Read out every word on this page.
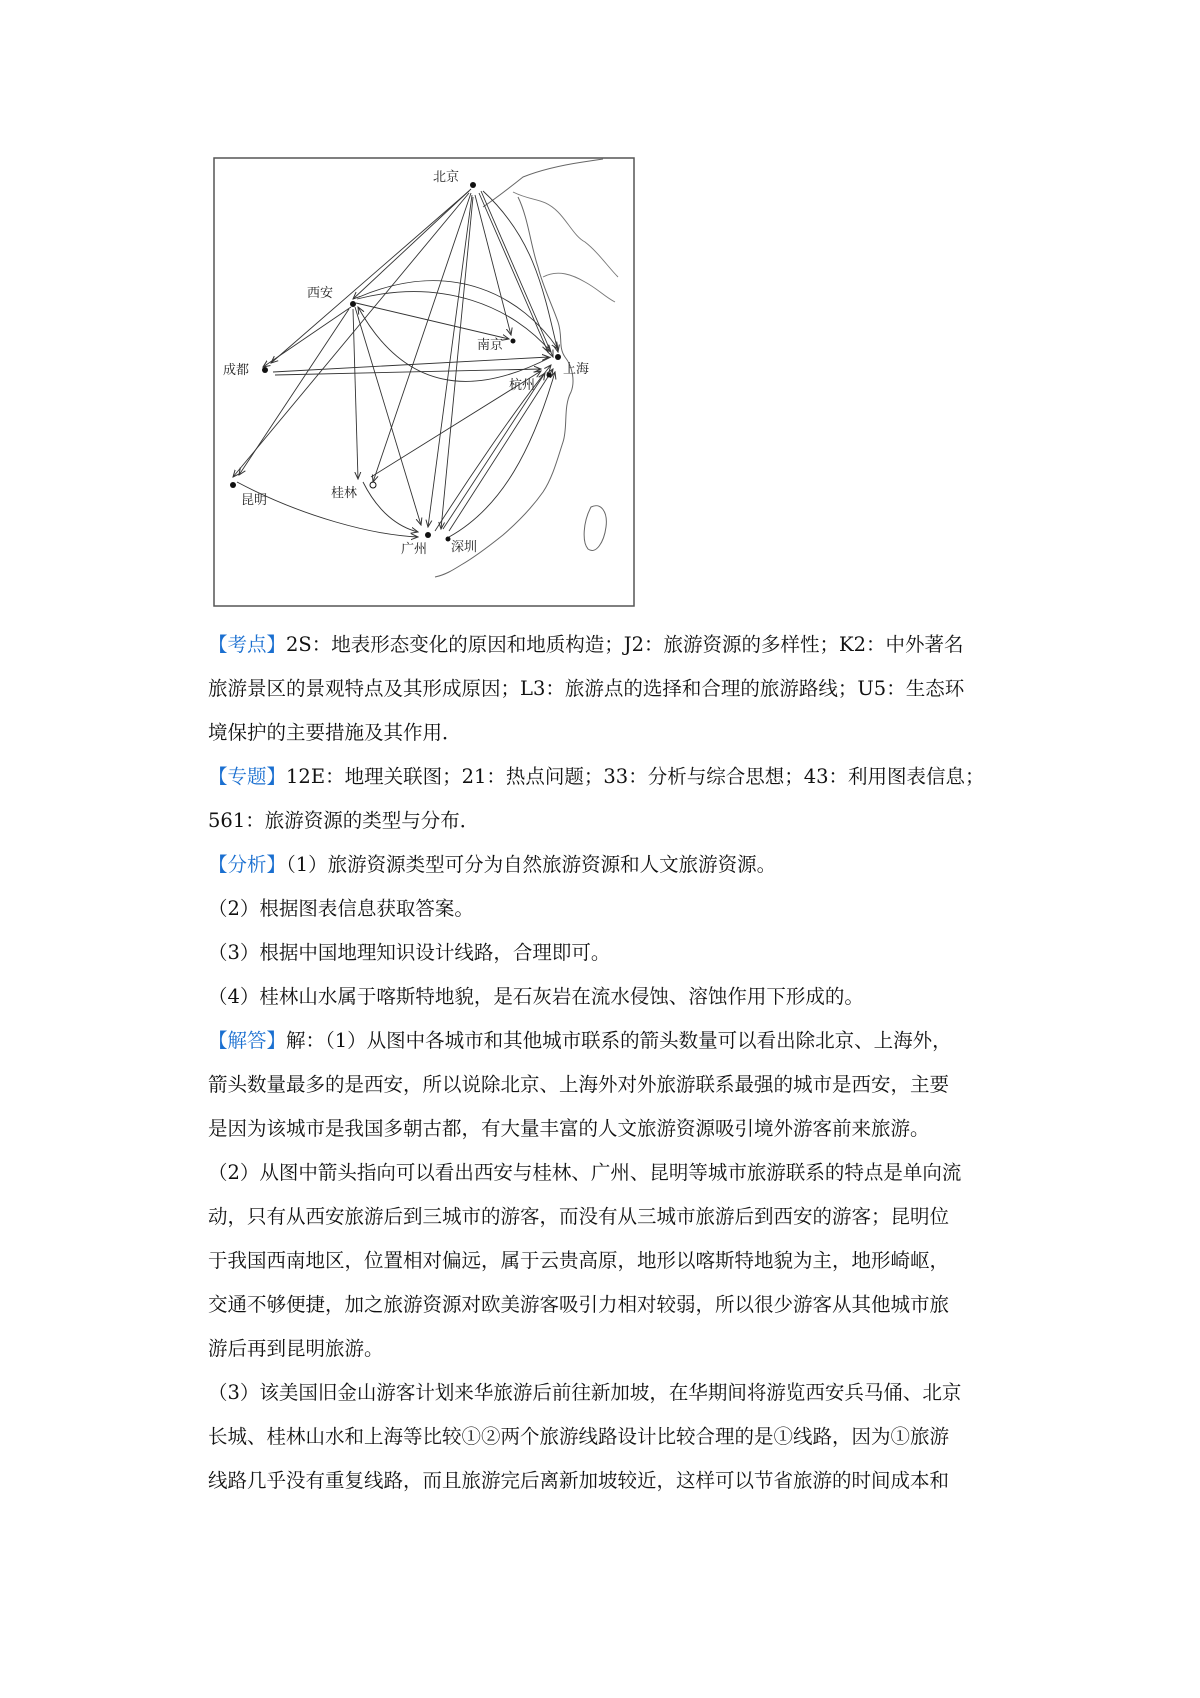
北京
西安
南京
成都	上海
杭州
昆明	桂林
广州 深圳
【考点】2S：地表形态变化的原因和地质构造；J2：旅游资源的多样性；K2：中外著名
旅游景区的景观特点及其形成原因；L3：旅游点的选择和合理的旅游路线；U5：生态环
境保护的主要措施及其作用．
【专题】12E：地理关联图；21：热点问题；33：分析与综合思想；43：利用图表信息；
561：旅游资源的类型与分布．
【分析】（1）旅游资源类型可分为自然旅游资源和人文旅游资源。
（2）根据图表信息获取答案。
（3）根据中国地理知识设计线路，合理即可。
（4）桂林山水属于喀斯特地貌，是石灰岩在流水侵蚀、溶蚀作用下形成的。
【解答】解：（1）从图中各城市和其他城市联系的箭头数量可以看出除北京、上海外，
箭头数量最多的是西安，所以说除北京、上海外对外旅游联系最强的城市是西安，主要
是因为该城市是我国多朝古都，有大量丰富的人文旅游资源吸引境外游客前来旅游。
（2）从图中箭头指向可以看出西安与桂林、广州、昆明等城市旅游联系的特点是单向流
动，只有从西安旅游后到三城市的游客，而没有从三城市旅游后到西安的游客；昆明位
于我国西南地区，位置相对偏远，属于云贵高原，地形以喀斯特地貌为主，地形崎岖，
交通不够便捷，加之旅游资源对欧美游客吸引力相对较弱，所以很少游客从其他城市旅
游后再到昆明旅游。
（3）该美国旧金山游客计划来华旅游后前往新加坡，在华期间将游览西安兵马俑、北京
长城、桂林山水和上海等比较①②两个旅游线路设计比较合理的是①线路，因为①旅游
线路几乎没有重复线路，而且旅游完后离新加坡较近，这样可以节省旅游的时间成本和
